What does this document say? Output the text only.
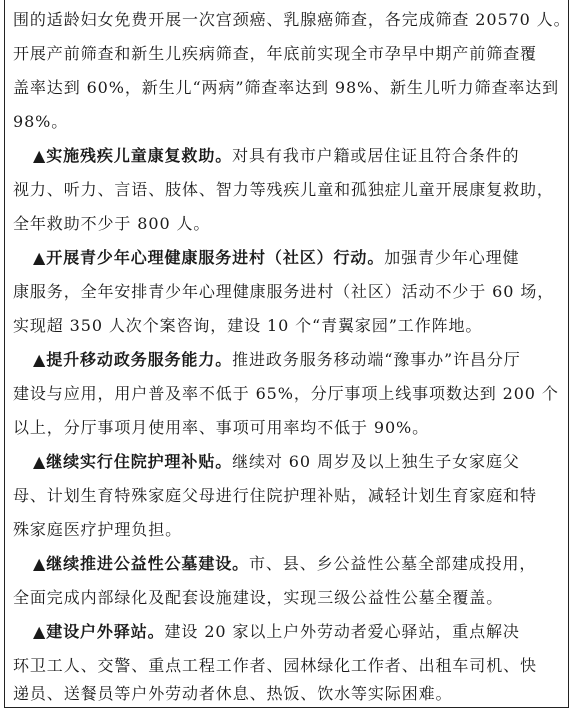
围的适龄妇女免费开展一次宫颈癌、乳腺癌筛查，各完成筛查 20570 人。
开展产前筛查和新生儿疾病筛查，年底前实现全市孕早中期产前筛查覆
盖率达到 60%，新生儿“两病”筛查率达到 98%、新生儿听力筛查率达到
98%。
▲实施残疾儿童康复救助。对具有我市户籍或居住证且符合条件的
视力、听力、言语、肢体、智力等残疾儿童和孤独症儿童开展康复救助，
全年救助不少于 800 人。
▲开展青少年心理健康服务进村（社区）行动。加强青少年心理健
康服务，全年安排青少年心理健康服务进村（社区）活动不少于 60 场，
实现超 350 人次个案咨询，建设 10 个“青翼家园”工作阵地。
▲提升移动政务服务能力。推进政务服务移动端“豫事办”许昌分厅
建设与应用，用户普及率不低于 65%，分厅事项上线事项数达到 200 个
以上，分厅事项月使用率、事项可用率均不低于 90%。
▲继续实行住院护理补贴。继续对 60 周岁及以上独生子女家庭父
母、计划生育特殊家庭父母进行住院护理补贴，减轻计划生育家庭和特
殊家庭医疗护理负担。
▲继续推进公益性公墓建设。市、县、乡公益性公墓全部建成投用，
全面完成内部绿化及配套设施建设，实现三级公益性公墓全覆盖。
▲建设户外驿站。建设 20 家以上户外劳动者爱心驿站，重点解决
环卫工人、交警、重点工程工作者、园林绿化工作者、出租车司机、快
递员、送餐员等户外劳动者休息、热饭、饮水等实际困难。
